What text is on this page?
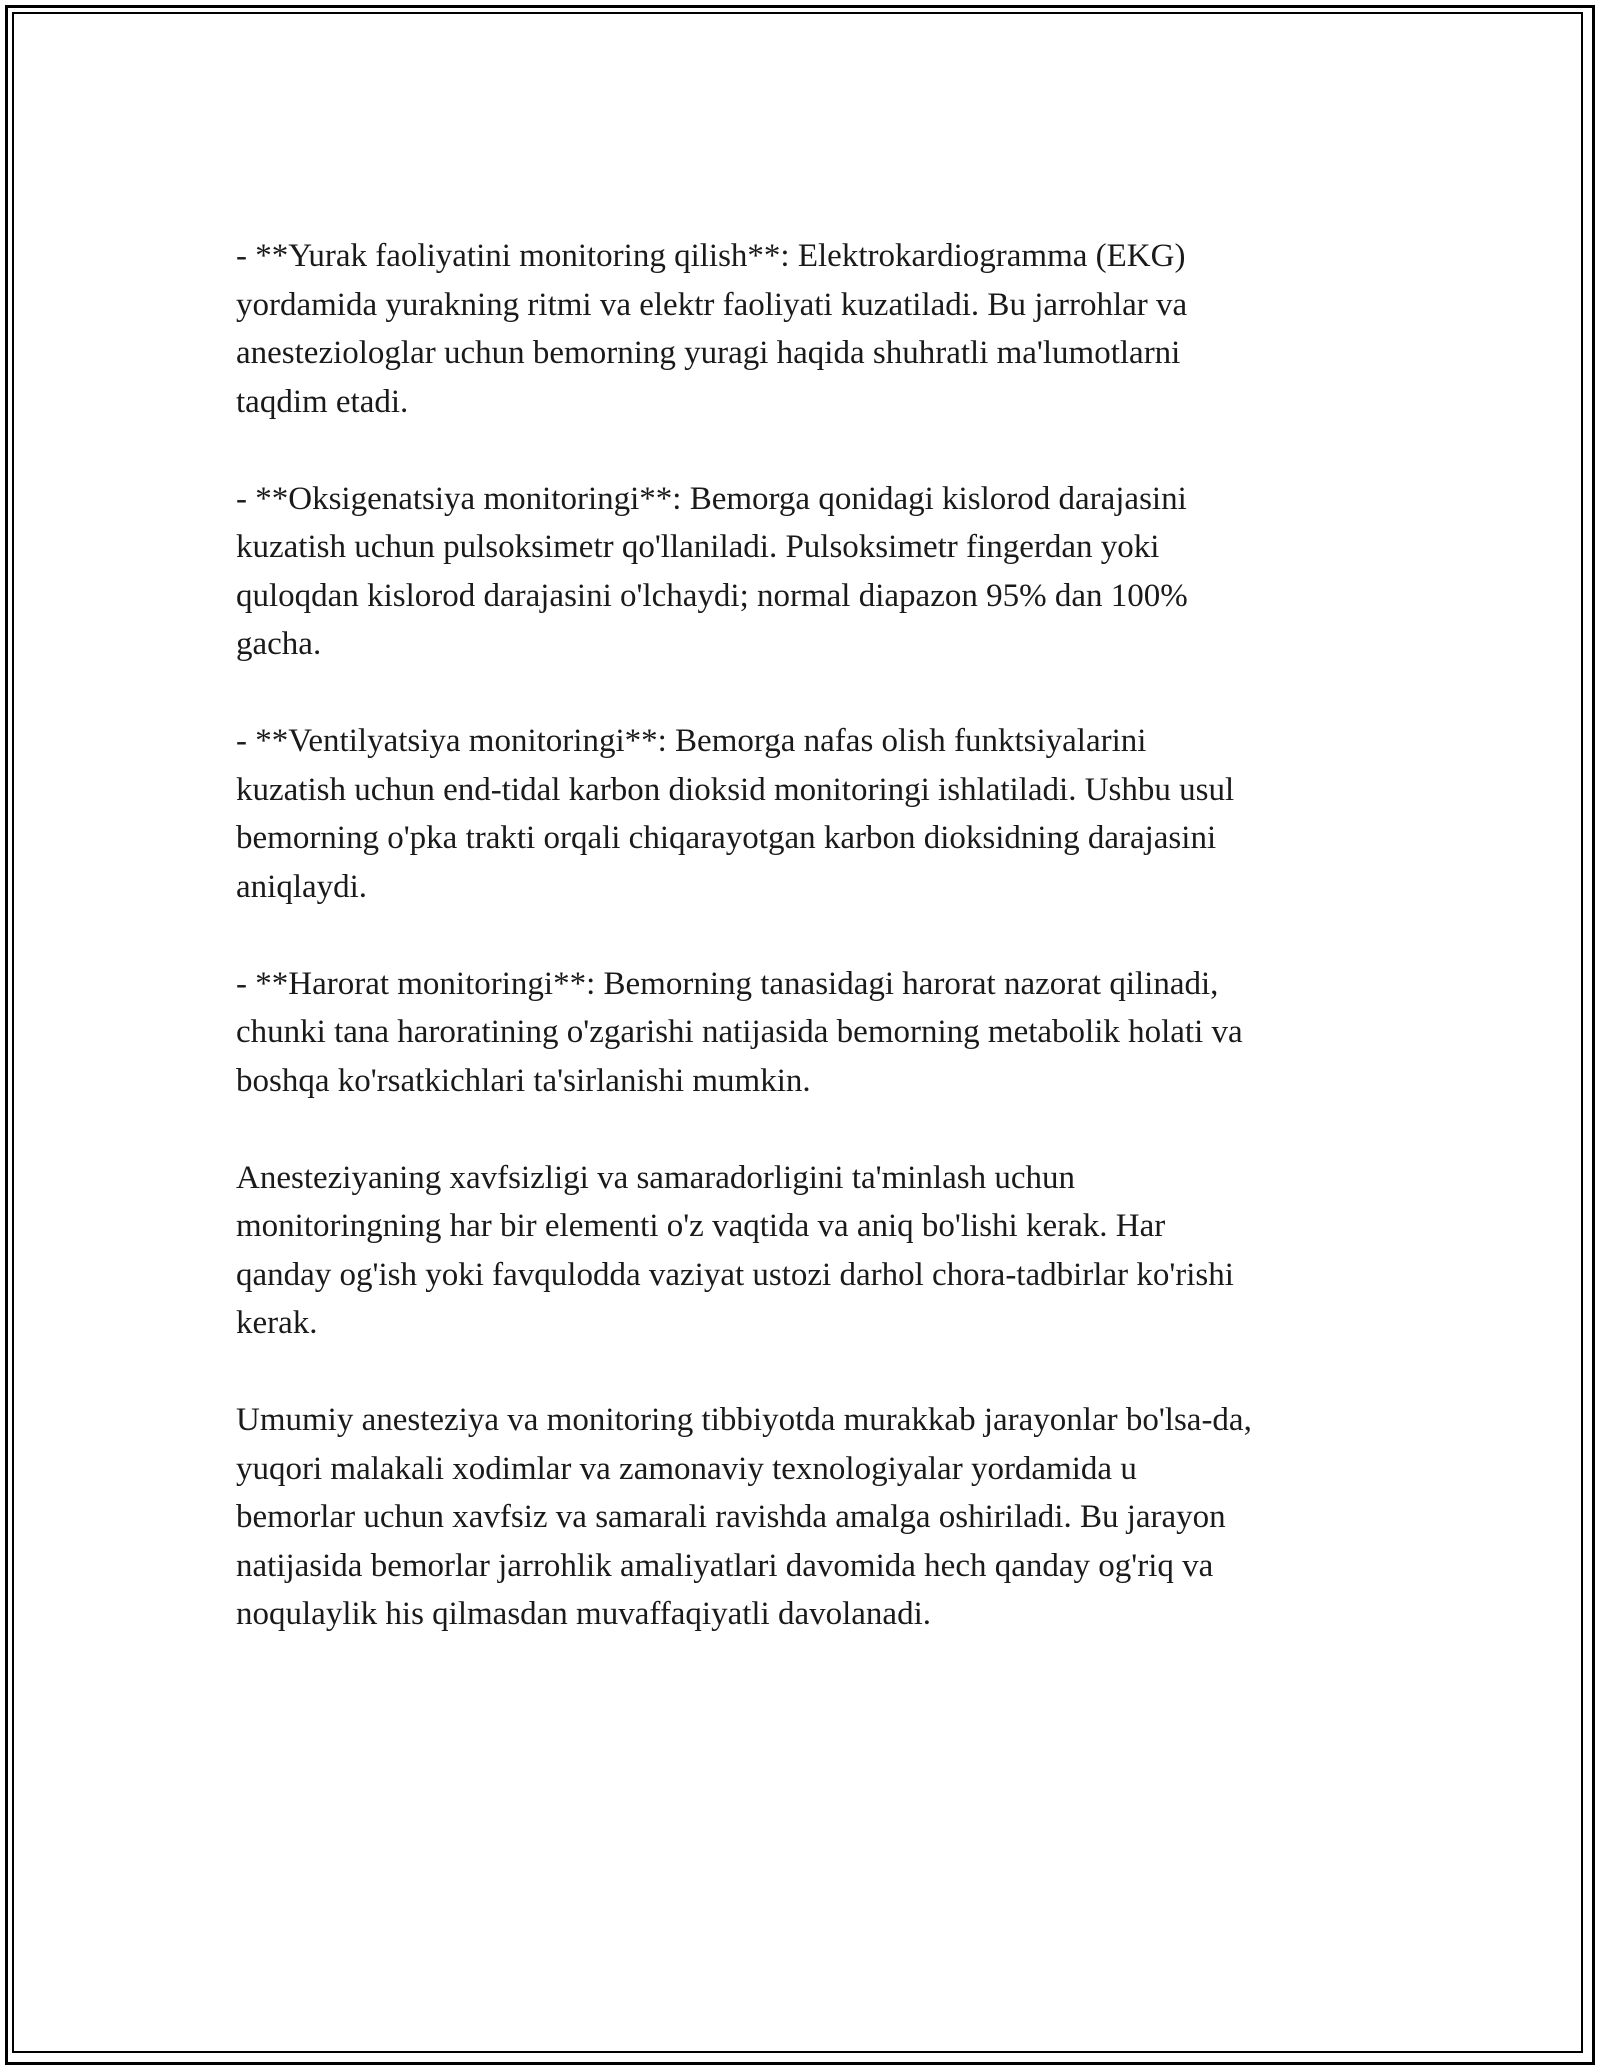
- **Yurak faoliyatini monitoring qilish**: Elektrokardiogramma (EKG)
yordamida yurakning ritmi va elektr faoliyati kuzatiladi. Bu jarrohlar va
anesteziologlar uchun bemorning yuragi haqida shuhratli ma'lumotlarni
taqdim etadi.

- **Oksigenatsiya monitoringi**: Bemorga qonidagi kislorod darajasini
kuzatish uchun pulsoksimetr qo'llaniladi. Pulsoksimetr fingerdan yoki
quloqdan kislorod darajasini o'lchaydi; normal diapazon 95% dan 100%
gacha.

- **Ventilyatsiya monitoringi**: Bemorga nafas olish funktsiyalarini
kuzatish uchun end-tidal karbon dioksid monitoringi ishlatiladi. Ushbu usul
bemorning o'pka trakti orqali chiqarayotgan karbon dioksidning darajasini
aniqlaydi.

- **Harorat monitoringi**: Bemorning tanasidagi harorat nazorat qilinadi,
chunki tana haroratining o'zgarishi natijasida bemorning metabolik holati va
boshqa ko'rsatkichlari ta'sirlanishi mumkin.

Anesteziyaning xavfsizligi va samaradorligini ta'minlash uchun
monitoringning har bir elementi o'z vaqtida va aniq bo'lishi kerak. Har
qanday og'ish yoki favqulodda vaziyat ustozi darhol chora-tadbirlar ko'rishi
kerak.

Umumiy anesteziya va monitoring tibbiyotda murakkab jarayonlar bo'lsa-da,
yuqori malakali xodimlar va zamonaviy texnologiyalar yordamida u
bemorlar uchun xavfsiz va samarali ravishda amalga oshiriladi. Bu jarayon
natijasida bemorlar jarrohlik amaliyatlari davomida hech qanday og'riq va
noqulaylik his qilmasdan muvaffaqiyatli davolanadi.
